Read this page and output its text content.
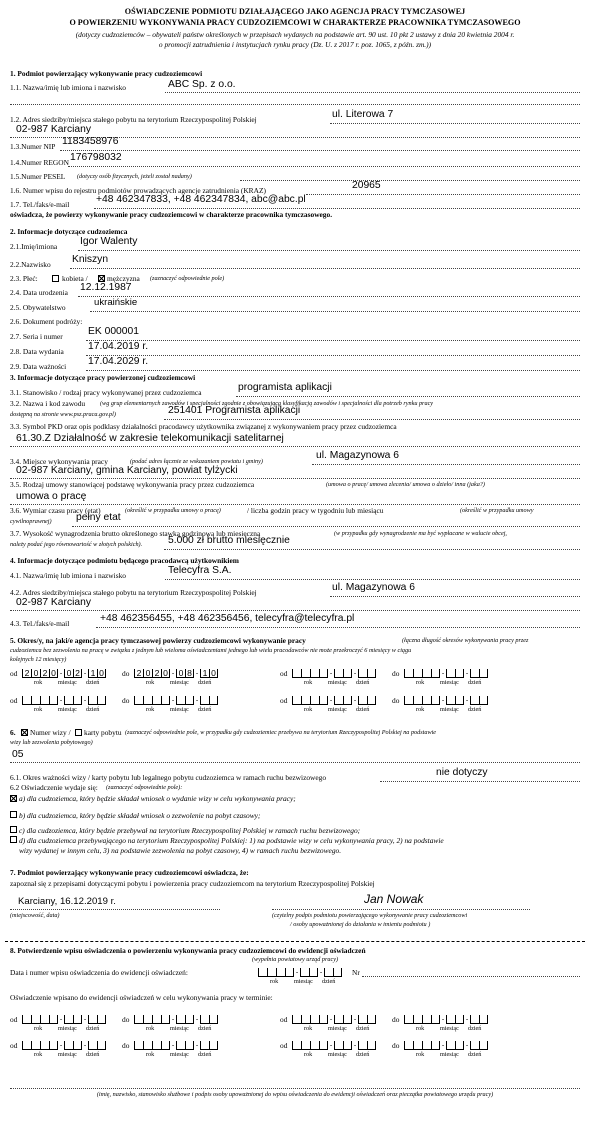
OŚWIADCZENIE PODMIOTU DZIAŁAJĄCEGO JAKO AGENCJA PRACY TYMCZASOWEJ
O POWIERZENIU WYKONYWANIA PRACY CUDZOZIEMCOWI W CHARAKTERZE PRACOWNIKA TYMCZASOWEGO
(dotyczy cudzoziemców – obywateli państw określonych w przepisach wydanych na podstawie art. 90 ust. 10 pkt 2 ustawy z dnia 20 kwietnia 2004 r.
o promocji zatrudnienia i instytucjach rynku pracy (Dz. U. z 2017 r. poz. 1065, z późn. zm.))
1. Podmiot powierzający wykonywanie pracy cudzoziemcowi
1.1. Nazwa/imię lub imiona i nazwisko	ABC Sp. z o.o.
1.2. Adres siedziby/miejsca stałego pobytu na terytorium Rzeczypospolitej Polskiej	ul. Literowa 7
02-987 Karciany
1.3.Numer NIP 1183458976
1.4.Numer REGON 176798032
1.5.Numer PESEL (dotyczy osób fizycznych, jeżeli został nadany)
1.6. Numer wpisu do rejestru podmiotów prowadzących agencje zatrudnienia (KRAZ)	20965
1.7. Tel./faks/e-mail	+48 462347833, +48 462347834, abc@abc.pl
oświadcza, że powierzy wykonywanie pracy cudzoziemcowi w charakterze pracownika tymczasowego.
2. Informacje dotyczące cudzoziemca
2.1.Imię/imiona Igor Walenty
2.2.Nazwisko Kniszyn
2.3. Płeć:	kobieta /	mężczyzna (zaznaczyć odpowiednie pole)
2.4. Data urodzenia 12.12.1987
2.5. Obywatelstwo	ukraińskie
2.6. Dokument podróży:
2.7. Seria i numer EK 000001
2.8. Data wydania 17.04.2019 r.
2.9. Data ważności 17.04.2029 r.
3. Informacje dotyczące pracy powierzonej cudzoziemcowi
3.1. Stanowisko / rodzaj pracy wykonywanej przez cudzoziemca	programista aplikacji
3.2. Nazwa i kod zawodu (wg grup elementarnych zawodów i specjalności zgodnie z obowiązującą klasyfikacją zawodów i specjalności dla potrzeb rynku pracy
dostępną na stronie www.psz.praca.gov.pl)	251401 Programista aplikacji
3.3. Symbol PKD oraz opis podklasy działalności pracodawcy użytkownika związanej z wykonywaniem pracy przez cudzoziemca
61.30.Z Działalność w zakresie telekomunikacji satelitarnej
3.4. Miejsce wykonywania pracy	(podać adres łącznie ze wskazaniem powiatu i gminy)
ul. Magazynowa 6
02-987 Karciany, gmina Karciany, powiat tylżycki
3.5. Rodzaj umowy stanowiącej podstawę wykonywania pracy przez cudzoziemca	(umowa o pracę/ umowa zlecenia/ umowa o dzieło/ inna (jaka?)
umowa o pracę
3.6. Wymiar czasu pracy (etat)	(określić w przypadku umowy o pracę)	/ liczba godzin pracy w tygodniu lub miesiącu	(określić w przypadku umowy
cywilnoprawnej) pełny etat
3.7. Wysokość wynagrodzenia brutto określonego stawką godzinową lub miesięczną	(w przypadku gdy wynagrodzenie ma być wypłacane w walucie obcej,
należy podać jego równowartość w złotych polskich).	5.000 zł brutto miesięcznie
4. Informacje dotyczące podmiotu będącego pracodawcą użytkownikiem
4.1. Nazwa/imię lub imiona i nazwisko	Telecyfra S.A.
4.2. Adres siedziby/miejsca stałego pobytu na terytorium Rzeczypospolitej Polskiej	ul. Magazynowa 6
02-987 Karciany
4.3. Tel./faks/e-mail	+48 462356455, +48 462356456, telecyfra@telecyfra.pl
5. Okres/y, na jaki/e agencja pracy tymczasowej powierzy cudzoziemcowi wykonywanie pracy	(łączna długość okresów wykonywania pracy przez
cudzoziemca bez zezwolenia na pracę w związku z jednym lub wieloma oświadczeniami jednego lub wielu pracodawców nie może przekroczyć 6 miesięcy w ciągu
kolejnych 12 miesięcy)
od 2 0 2 0 - 0 2 - 1 0
rok	miesiąc dzień
do 2 0 2 0 - 0 8 - 1 0
rok	miesiąc dzień
od	-	-
rok	miesiąc dzień
do	-	-
rok	miesiąc dzień
od	-	-
rok	miesiąc dzień
do	-	-
rok	miesiąc dzień
od	-	-
rok	miesiąc dzień
do	-	-
rok	miesiąc dzień
6. Numer wizy / karty pobytu (zaznaczyć odpowiednie pole, w przypadku gdy cudzoziemiec przebywa na terytorium Rzeczypospolitej Polskiej na podstawie
wizy lub zezwolenia pobytowego)
05
6.1. Okres ważności wizy / karty pobytu lub legalnego pobytu cudzoziemca w ramach ruchu bezwizowego	nie dotyczy
6.2 Oświadczenie wydaje się: (zaznaczyć odpowiednie pole):
a) dla cudzoziemca, który będzie składał wniosek o wydanie wizy w celu wykonywania pracy;
b) dla cudzoziemca, który będzie składał wniosek o zezwolenie na pobyt czasowy;
c) dla cudzoziemca, który będzie przebywał na terytorium Rzeczypospolitej Polskiej w ramach ruchu bezwizowego;
d) dla cudzoziemca przebywającego na terytorium Rzeczypospolitej Polskiej: 1) na podstawie wizy w celu wykonywania pracy, 2) na podstawie
wizy wydanej w innym celu, 3) na podstawie zezwolenia na pobyt czasowy, 4) w ramach ruchu bezwizowego.
7. Podmiot powierzający wykonywanie pracy cudzoziemcowi oświadcza, że:
zapoznał się z przepisami dotyczącymi pobytu i powierzenia pracy cudzoziemcom na terytorium Rzeczypospolitej Polskiej
Karciany, 16.12.2019 r.	Jan Nowak
(miejscowość, data)	(czytelny podpis podmiotu powierzającego wykonywanie pracy cudzoziemcowi
/ osoby upoważnionej do działania w imieniu podmiotu )
8. Potwierdzenie wpisu oświadczenia o powierzeniu wykonywania pracy cudzoziemcowi do ewidencji oświadczeń
(wypełnia powiatowy urząd pracy)
Data i numer wpisu oświadczenia do ewidencji oświadczeń:	Nr
-	-
rok	miesiąc dzień
Oświadczenie wpisano do ewidencji oświadczeń w celu wykonywania pracy w terminie:
od	-	-
rok	miesiąc dzień
do	-	-
rok	miesiąc dzień
od	-	-
rok	miesiąc dzień
do	-	-
rok	miesiąc dzień
od	-	-
rok	miesiąc dzień
do	-	-
rok	miesiąc dzień
od	-	-
rok	miesiąc dzień
do	-	-
rok	miesiąc dzień
(imię, nazwisko, stanowisko służbowe i podpis osoby upoważnionej do wpisu oświadczenia do ewidencji oświadczeń oraz pieczątka powiatowego urzędu pracy)
